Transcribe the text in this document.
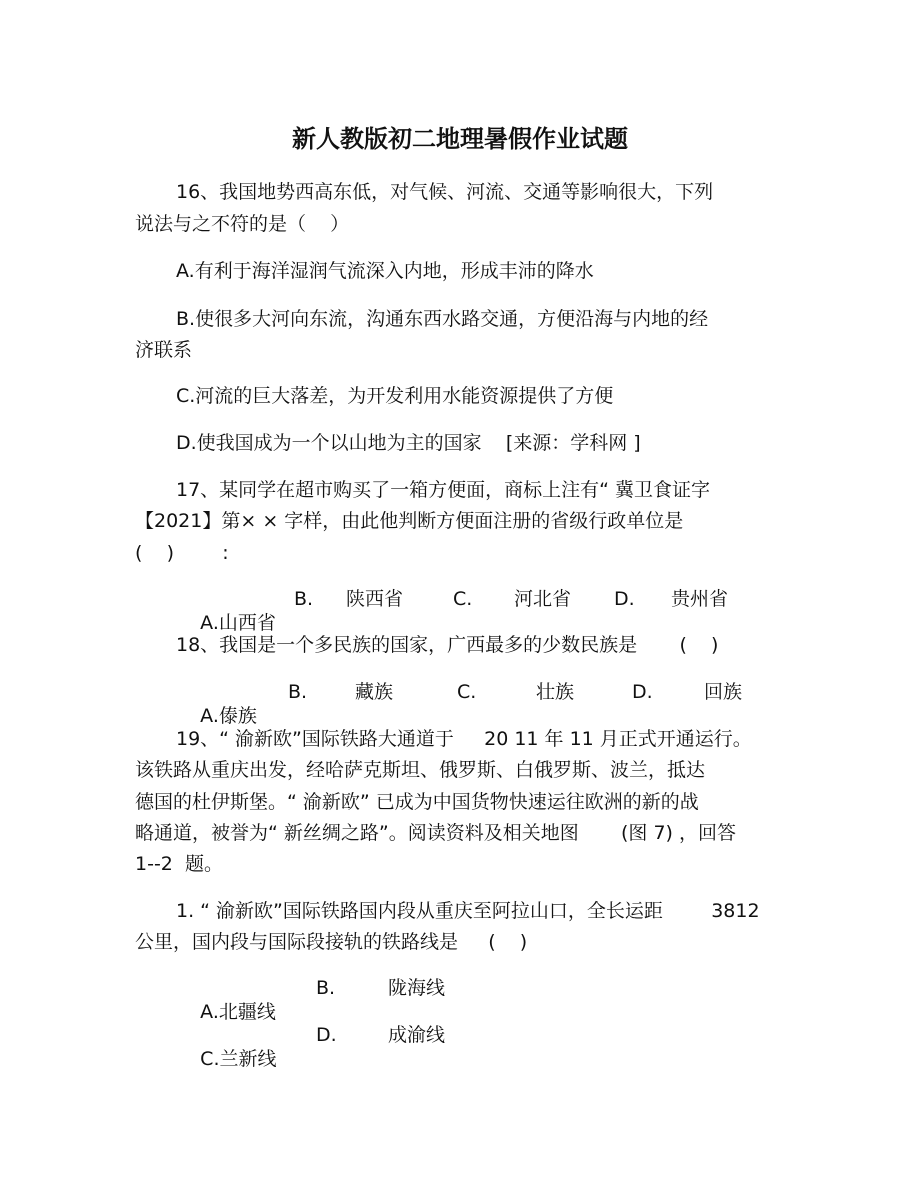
新人教版初二地理暑假作业试题
16、我国地势西高东低，对气候、河流、交通等影响很大，下列
说法与之不符的是（    ）
A.有利于海洋湿润气流深入内地，形成丰沛的降水
B.使很多大河向东流，沟通东西水路交通，方便沿海与内地的经
济联系
C.河流的巨大落差，为开发利用水能资源提供了方便
D.使我国成为一个以山地为主的国家    [来源：学科网 ]
17、某同学在超市购买了一箱方便面，商标上注有“ 冀卫食证字
【2021】第× × 字样，由此他判断方便面注册的省级行政单位是
(    )        :

A.山西省

B. 陕西省	C. 河北省 D. 贵州省
18、我国是一个多民族的国家，广西最多的少数民族是       (    )

A.傣族

B.	藏族	C.	壮族	D.	回族
19、“ 渝新欧”国际铁路大通道于     20 11 年 11 月正式开通运行。
该铁路从重庆出发，经哈萨克斯坦、俄罗斯、白俄罗斯、波兰，抵达
德国的杜伊斯堡。“ 渝新欧” 已成为中国货物快速运往欧洲的新的战
略通道，被誉为“ 新丝绸之路”。阅读资料及相关地图       (图 7) ，回答
1--2  题。
1. “ 渝新欧”国际铁路国内段从重庆至阿拉山口，全长运距        3812
公里，国内段与国际段接轨的铁路线是     (    )

A.北疆线

B.	陇海线

C.兰新线

D.	成渝线
